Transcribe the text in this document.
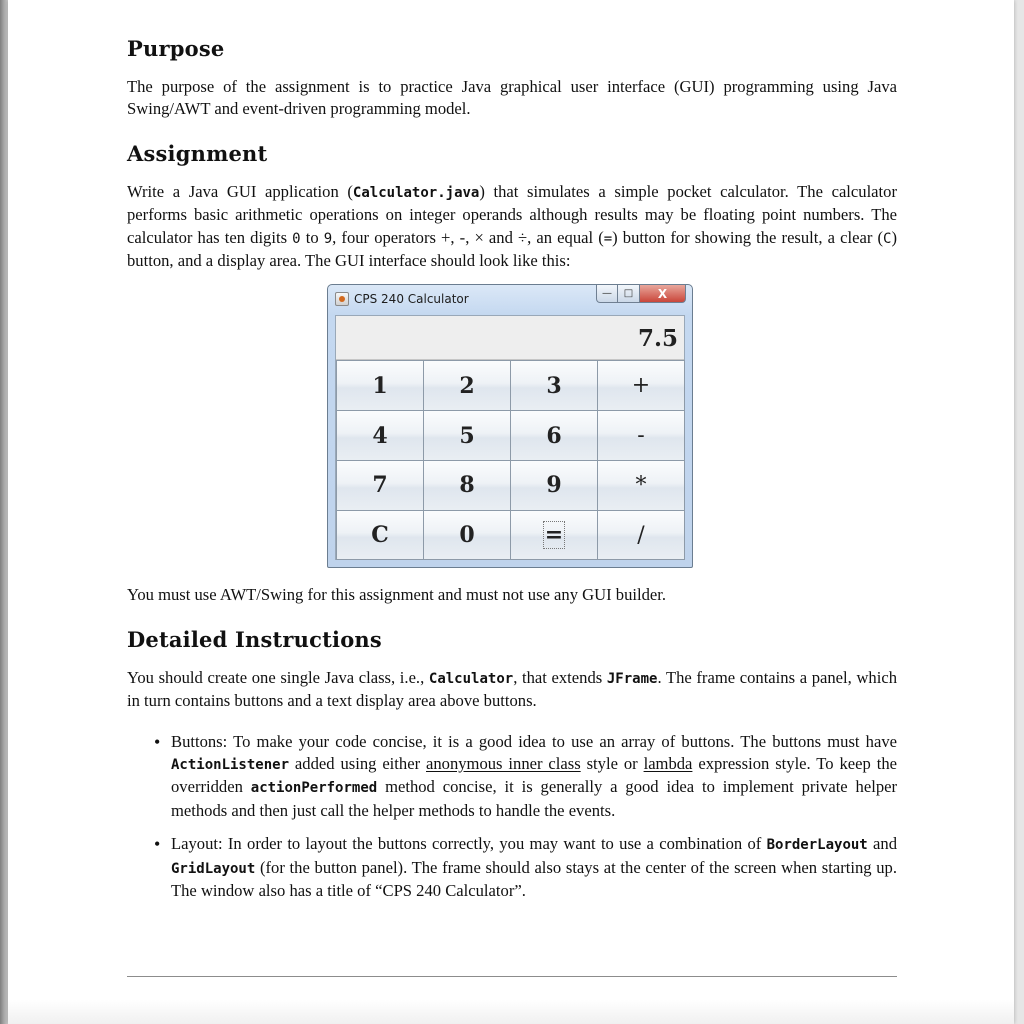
Purpose

The purpose of the assignment is to practice Java graphical user interface (GUI) programming using Java Swing/AWT and event-driven programming model.

Assignment

Write a Java GUI application (Calculator.java) that simulates a simple pocket calculator. The calculator performs basic arithmetic operations on integer operands although results may be floating point numbers. The calculator has ten digits 0 to 9, four operators +, -, × and ÷, an equal (=) button for showing the result, a clear (C) button, and a display area. The GUI interface should look like this:

CPS 240 Calculator	—	□	X
7.5
1	2	3	+
4	5	6	-
7	8	9	*
C	0	=	/

You must use AWT/Swing for this assignment and must not use any GUI builder.

Detailed Instructions

You should create one single Java class, i.e., Calculator, that extends JFrame. The frame contains a panel, which in turn contains buttons and a text display area above buttons.

• Buttons: To make your code concise, it is a good idea to use an array of buttons. The buttons must have ActionListener added using either anonymous inner class style or lambda expression style. To keep the overridden actionPerformed method concise, it is generally a good idea to implement private helper methods and then just call the helper methods to handle the events.
• Layout: In order to layout the buttons correctly, you may want to use a combination of BorderLayout and GridLayout (for the button panel). The frame should also stays at the center of the screen when starting up. The window also has a title of “CPS 240 Calculator”.
